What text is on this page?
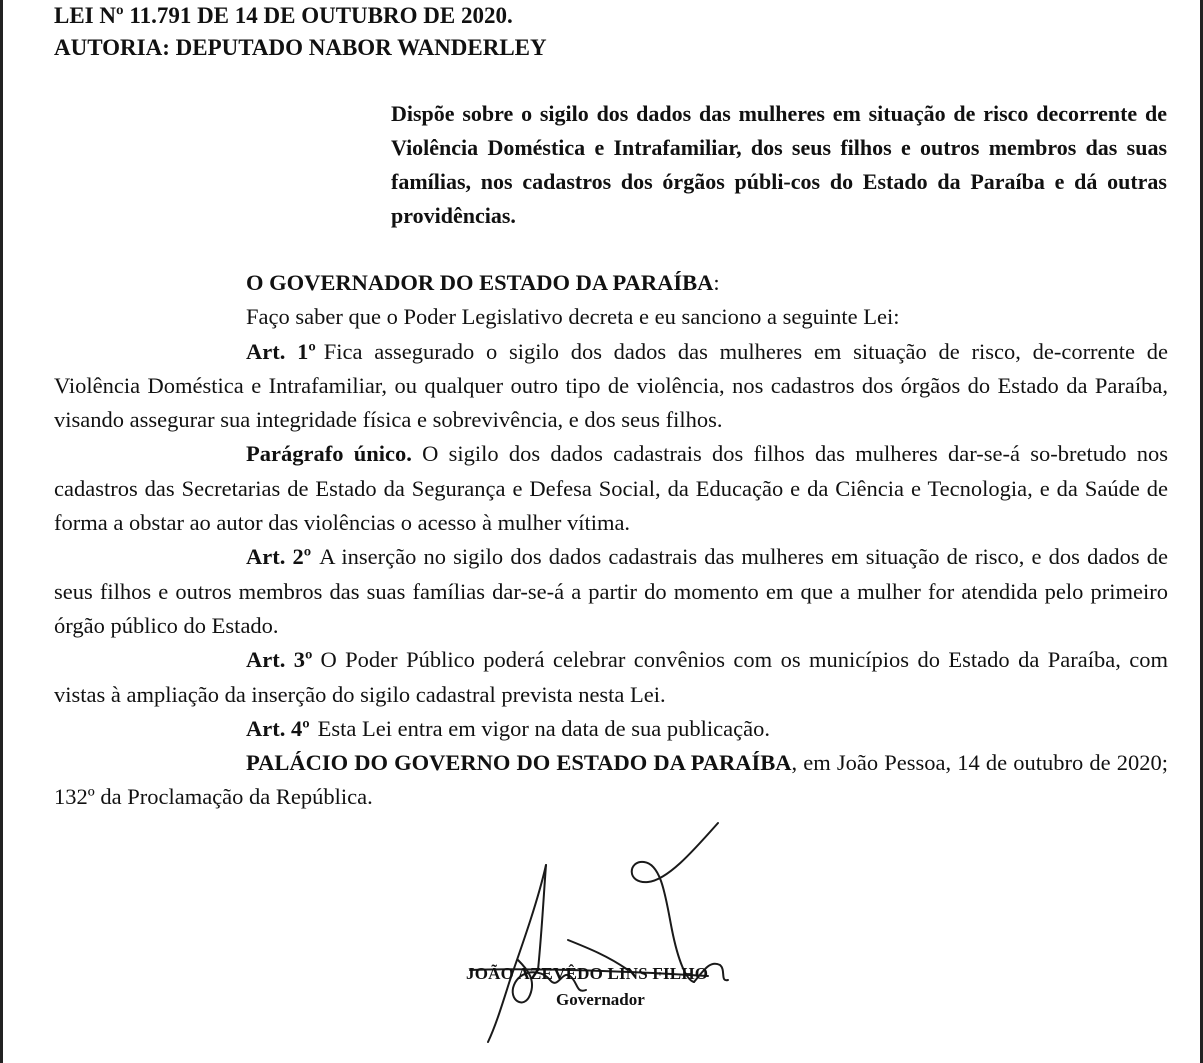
LEI Nº 11.791 DE 14 DE OUTUBRO DE 2020.
AUTORIA: DEPUTADO NABOR WANDERLEY
Dispõe sobre o sigilo dos dados das mulheres em situação de risco decorrente de Violência Doméstica e Intrafamiliar, dos seus filhos e outros membros das suas famílias, nos cadastros dos órgãos públi-cos do Estado da Paraíba e dá outras providências.

O GOVERNADOR DO ESTADO DA PARAÍBA:

Faço saber que o Poder Legislativo decreta e eu sanciono a seguinte Lei:

Art. 1º Fica assegurado o sigilo dos dados das mulheres em situação de risco, de-corrente de Violência Doméstica e Intrafamiliar, ou qualquer outro tipo de violência, nos cadastros dos órgãos do Estado da Paraíba, visando assegurar sua integridade física e sobrevivência, e dos seus filhos.

Parágrafo único. O sigilo dos dados cadastrais dos filhos das mulheres dar-se-á so-bretudo nos cadastros das Secretarias de Estado da Segurança e Defesa Social, da Educação e da Ciência e Tecnologia, e da Saúde de forma a obstar ao autor das violências o acesso à mulher vítima.

Art. 2º A inserção no sigilo dos dados cadastrais das mulheres em situação de risco, e dos dados de seus filhos e outros membros das suas famílias dar-se-á a partir do momento em que a mulher for atendida pelo primeiro órgão público do Estado.

Art. 3º O Poder Público poderá celebrar convênios com os municípios do Estado da Paraíba, com vistas à ampliação da inserção do sigilo cadastral prevista nesta Lei.

Art. 4º Esta Lei entra em vigor na data de sua publicação.

PALÁCIO DO GOVERNO DO ESTADO DA PARAÍBA, em João Pessoa, 14 de outubro de 2020; 132º da Proclamação da República.

JOÃO AZEVÊDO LINS FILHO
Governador
